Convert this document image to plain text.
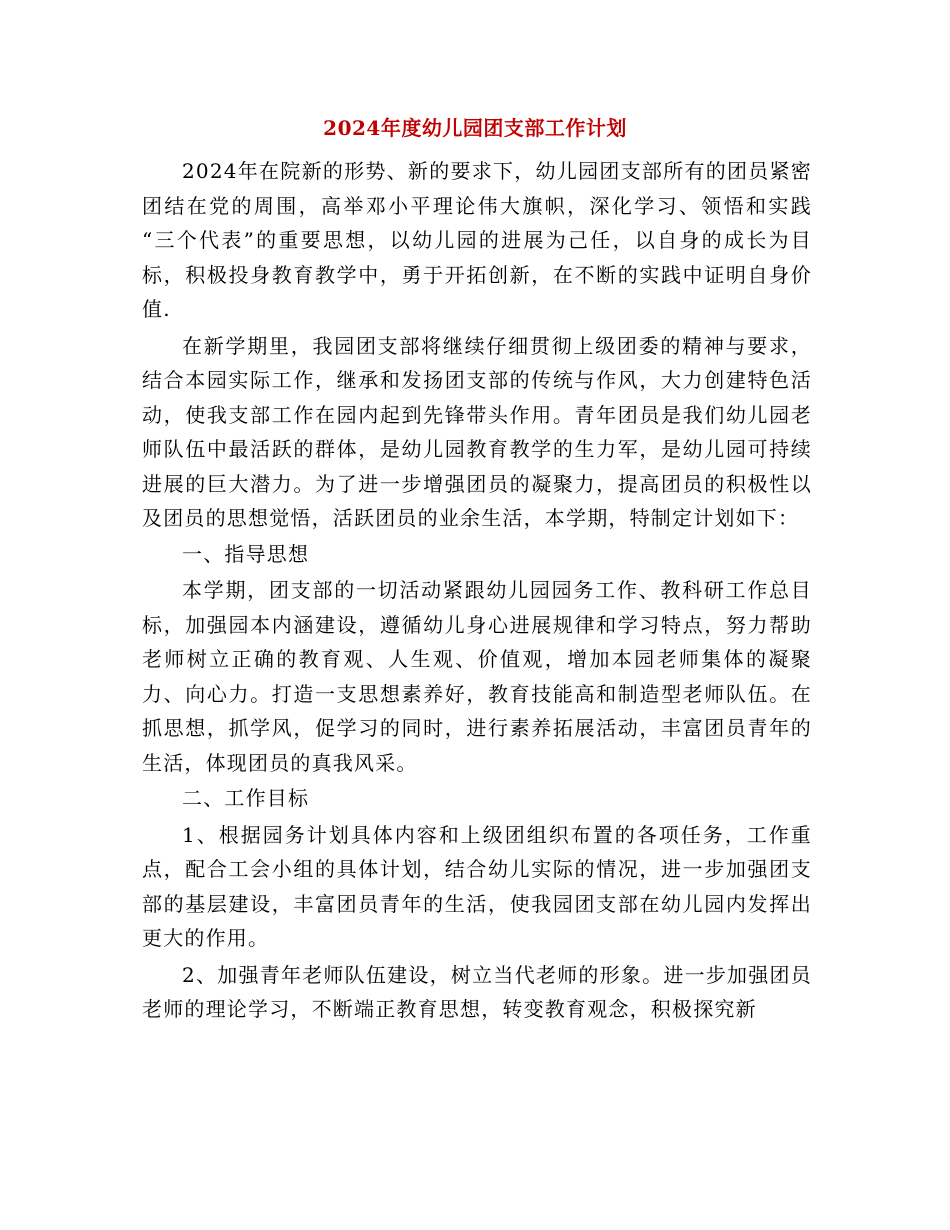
2024年度幼儿园团支部工作计划

2024年在院新的形势、新的要求下，幼儿园团支部所有的团员紧密团结在党的周围，高举邓小平理论伟大旗帜，深化学习、领悟和实践 “三个代表”的重要思想，以幼儿园的进展为己任，以自身的成长为目标，积极投身教育教学中，勇于开拓创新，在不断的实践中证明自身价值.

在新学期里，我园团支部将继续仔细贯彻上级团委的精神与要求，结合本园实际工作，继承和发扬团支部的传统与作风，大力创建特色活动，使我支部工作在园内起到先锋带头作用。青年团员是我们幼儿园老师队伍中最活跃的群体，是幼儿园教育教学的生力军，是幼儿园可持续进展的巨大潜力。为了进一步增强团员的凝聚力，提高团员的积极性以及团员的思想觉悟，活跃团员的业余生活，本学期，特制定计划如下：

一、指导思想

本学期，团支部的一切活动紧跟幼儿园园务工作、教科研工作总目标，加强园本内涵建设，遵循幼儿身心进展规律和学习特点，努力帮助老师树立正确的教育观、人生观、价值观，增加本园老师集体的凝聚力、向心力。打造一支思想素养好，教育技能高和制造型老师队伍。在抓思想，抓学风，促学习的同时，进行素养拓展活动，丰富团员青年的生活，体现团员的真我风采。

二、工作目标

1、根据园务计划具体内容和上级团组织布置的各项任务，工作重点，配合工会小组的具体计划，结合幼儿实际的情况，进一步加强团支部的基层建设，丰富团员青年的生活，使我园团支部在幼儿园内发挥出更大的作用。

2、加强青年老师队伍建设，树立当代老师的形象。进一步加强团员老师的理论学习，不断端正教育思想，转变教育观念，积极探究新
